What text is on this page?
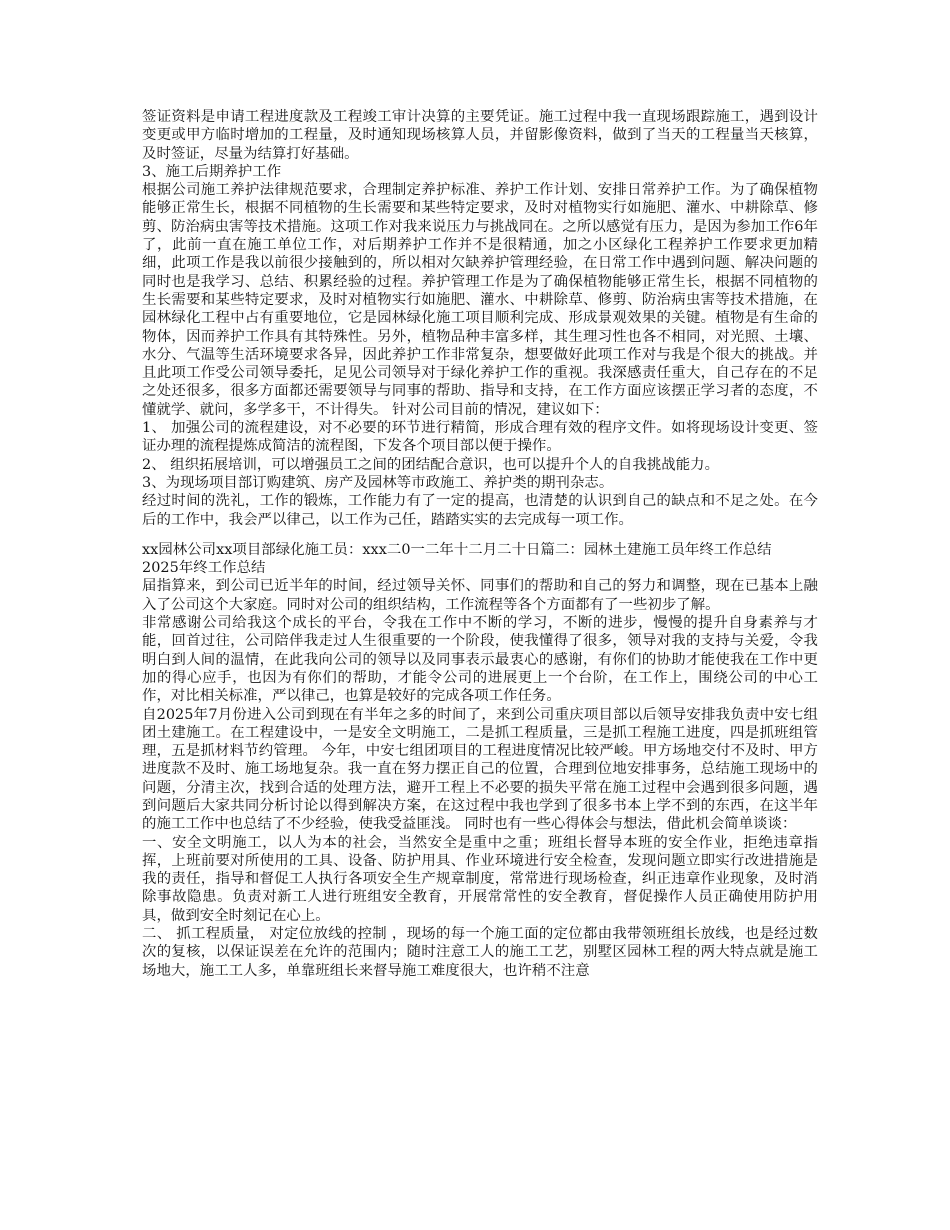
签证资料是申请工程进度款及工程竣工审计决算的主要凭证。施工过程中我一直现场跟踪施工，遇到设计变更或甲方临时增加的工程量，及时通知现场核算人员，并留影像资料，做到了当天的工程量当天核算，及时签证，尽量为结算打好基础。

3、施工后期养护工作

根据公司施工养护法律规范要求，合理制定养护标准、养护工作计划、安排日常养护工作。为了确保植物能够正常生长，根据不同植物的生长需要和某些特定要求，及时对植物实行如施肥、灌水、中耕除草、修剪、防治病虫害等技术措施。这项工作对我来说压力与挑战同在。之所以感觉有压力，是因为参加工作6年了，此前一直在施工单位工作，对后期养护工作并不是很精通，加之小区绿化工程养护工作要求更加精细，此项工作是我以前很少接触到的，所以相对欠缺养护管理经验，在日常工作中遇到问题、解决问题的同时也是我学习、总结、积累经验的过程。养护管理工作是为了确保植物能够正常生长，根据不同植物的生长需要和某些特定要求，及时对植物实行如施肥、灌水、中耕除草、修剪、防治病虫害等技术措施，在园林绿化工程中占有重要地位，它是园林绿化施工项目顺利完成、形成景观效果的关键。植物是有生命的物体，因而养护工作具有其特殊性。另外，植物品种丰富多样，其生理习性也各不相同，对光照、土壤、水分、气温等生活环境要求各异，因此养护工作非常复杂，想要做好此项工作对与我是个很大的挑战。并且此项工作受公司领导委托，足见公司领导对于绿化养护工作的重视。我深感责任重大，自己存在的不足之处还很多，很多方面都还需要领导与同事的帮助、指导和支持，在工作方面应该摆正学习者的态度，不懂就学、就问，多学多干，不计得失。 针对公司目前的情况，建议如下：

1、 加强公司的流程建设，对不必要的环节进行精简，形成合理有效的程序文件。如将现场设计变更、签证办理的流程提炼成简洁的流程图，下发各个项目部以便于操作。

2、 组织拓展培训，可以增强员工之间的团结配合意识，也可以提升个人的自我挑战能力。

3、为现场项目部订购建筑、房产及园林等市政施工、养护类的期刊杂志。

经过时间的洗礼，工作的锻炼，工作能力有了一定的提高，也清楚的认识到自己的缺点和不足之处。在今后的工作中，我会严以律己，以工作为己任，踏踏实实的去完成每一项工作。

xx园林公司xx项目部绿化施工员：xxx二0一二年十二月二十日篇二：园林土建施工员年终工作总结

2025年终工作总结

届指算来，到公司已近半年的时间，经过领导关怀、同事们的帮助和自己的努力和调整，现在已基本上融入了公司这个大家庭。同时对公司的组织结构，工作流程等各个方面都有了一些初步了解。

非常感谢公司给我这个成长的平台，令我在工作中不断的学习，不断的进步，慢慢的提升自身素养与才能，回首过往，公司陪伴我走过人生很重要的一个阶段，使我懂得了很多，领导对我的支持与关爱，令我明白到人间的温情，在此我向公司的领导以及同事表示最衷心的感谢，有你们的协助才能使我在工作中更加的得心应手，也因为有你们的帮助，才能令公司的进展更上一个台阶，在工作上，围绕公司的中心工作，对比相关标准，严以律己，也算是较好的完成各项工作任务。

自2025年7月份进入公司到现在有半年之多的时间了，来到公司重庆项目部以后领导安排我负责中安七组团土建施工。在工程建设中，一是安全文明施工，二是抓工程质量，三是抓工程施工进度，四是抓班组管理，五是抓材料节约管理。 今年，中安七组团项目的工程进度情况比较严峻。甲方场地交付不及时、甲方进度款不及时、施工场地复杂。我一直在努力摆正自己的位置，合理到位地安排事务，总结施工现场中的问题，分清主次，找到合适的处理方法，避开工程上不必要的损失平常在施工过程中会遇到很多问题，遇到问题后大家共同分析讨论以得到解决方案，在这过程中我也学到了很多书本上学不到的东西，在这半年的施工工作中也总结了不少经验，使我受益匪浅。 同时也有一些心得体会与想法，借此机会简单谈谈：

一、安全文明施工，以人为本的社会，当然安全是重中之重；班组长督导本班的安全作业，拒绝违章指挥，上班前要对所使用的工具、设备、防护用具、作业环境进行安全检查，发现问题立即实行改进措施是我的责任，指导和督促工人执行各项安全生产规章制度，常常进行现场检查，纠正违章作业现象，及时消除事故隐患。负责对新工人进行班组安全教育，开展常常性的安全教育，督促操作人员正确使用防护用具，做到安全时刻记在心上。

二、 抓工程质量， 对定位放线的控制 ，现场的每一个施工面的定位都由我带领班组长放线，也是经过数次的复核，以保证误差在允许的范围内；随时注意工人的施工工艺，别墅区园林工程的两大特点就是施工场地大，施工工人多，单靠班组长来督导施工难度很大，也许稍不注意
